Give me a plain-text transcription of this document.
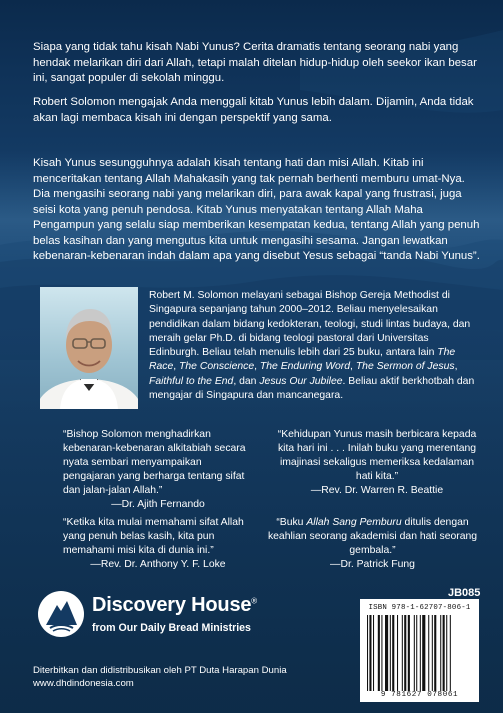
Siapa yang tidak tahu kisah Nabi Yunus? Cerita dramatis tentang seorang nabi yang hendak melarikan diri dari Allah, tetapi malah ditelan hidup-hidup oleh seekor ikan besar ini, sangat populer di sekolah minggu.

Robert Solomon mengajak Anda menggali kitab Yunus lebih dalam. Dijamin, Anda tidak akan lagi membaca kisah ini dengan perspektif yang sama.

Kisah Yunus sesungguhnya adalah kisah tentang hati dan misi Allah. Kitab ini menceritakan tentang Allah Mahakasih yang tak pernah berhenti memburu umat-Nya. Dia mengasihi seorang nabi yang melarikan diri, para awak kapal yang frustrasi, juga seisi kota yang penuh pendosa. Kitab Yunus menyatakan tentang Allah Maha Pengampun yang selalu siap memberikan kesempatan kedua, tentang Allah yang penuh belas kasihan dan yang mengutus kita untuk mengasihi sesama. Jangan lewatkan kebenaran-kebenaran indah dalam apa yang disebut Yesus sebagai “tanda Nabi Yunus”.

Robert M. Solomon melayani sebagai Bishop Gereja Methodist di Singapura sepanjang tahun 2000–2012. Beliau menyelesaikan pendidikan dalam bidang kedokteran, teologi, studi lintas budaya, dan meraih gelar Ph.D. di bidang teologi pastoral dari Universitas Edinburgh. Beliau telah menulis lebih dari 25 buku, antara lain The Race, The Conscience, The Enduring Word, The Sermon of Jesus, Faithful to the End, dan Jesus Our Jubilee. Beliau aktif berkhotbah dan mengajar di Singapura dan mancanegara.

“Bishop Solomon menghadirkan kebenaran-kebenaran alkitabiah secara nyata sembari menyampaikan pengajaran yang berharga tentang sifat dan jalan-jalan Allah.”
—Dr. Ajith Fernando

“Kehidupan Yunus masih berbicara kepada kita hari ini . . . Inilah buku yang merentang imajinasi sekaligus memeriksa kedalaman hati kita.”
—Rev. Dr. Warren R. Beattie

“Ketika kita mulai memahami sifat Allah yang penuh belas kasih, kita pun memahami misi kita di dunia ini.”
—Rev. Dr. Anthony Y. F. Loke

“Buku Allah Sang Pemburu ditulis dengan keahlian seorang akademisi dan hati seorang gembala.”
—Dr. Patrick Fung

JB085
Discovery House®
from Our Daily Bread Ministries
Diterbitkan dan didistribusikan oleh PT Duta Harapan Dunia
www.dhdindonesia.com
ISBN 978-1-62707-806-1
9 781627 078061
